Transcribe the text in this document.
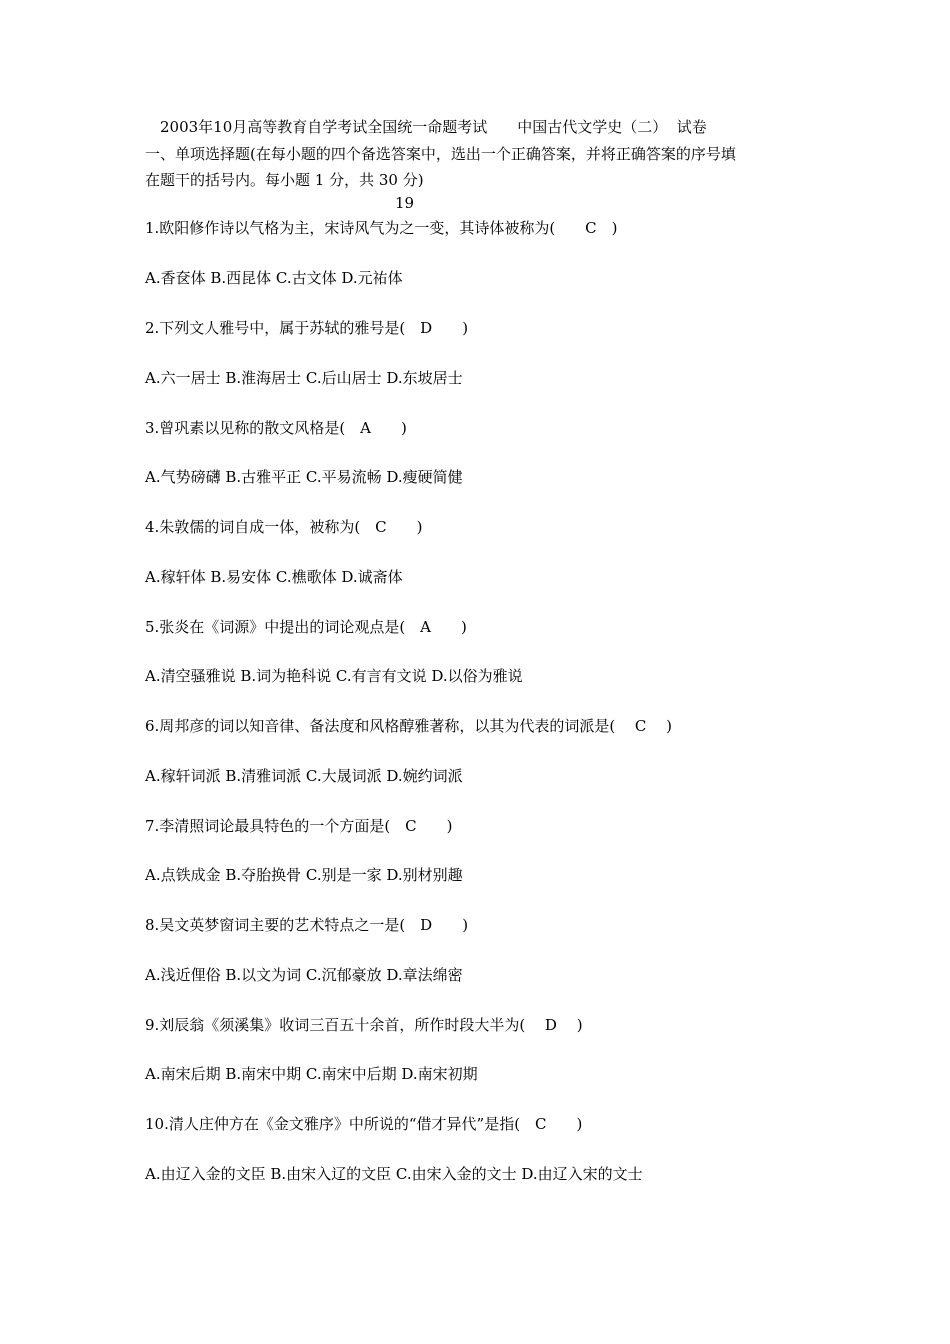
2003年10月高等教育自学考试全国统一命题考试　　中国古代文学史（二）  试卷
一、单项选择题(在每小题的四个备选答案中，选出一个正确答案，并将正确答案的序号填
在题干的括号内。每小题 1 分，共 30 分)
19
1.欧阳修作诗以气格为主，宋诗风气为之一变，其诗体被称为(　　C　)
A.香奁体 B.西昆体 C.古文体 D.元祐体
2.下列文人雅号中，属于苏轼的雅号是(　D　　)
A.六一居士 B.淮海居士 C.后山居士 D.东坡居士
3.曾巩素以见称的散文风格是(　A　　)
A.气势磅礴 B.古雅平正 C.平易流畅 D.瘦硬简健
4.朱敦儒的词自成一体，被称为(　C　　)
A.稼轩体 B.易安体 C.樵歌体 D.诚斋体
5.张炎在《词源》中提出的词论观点是(　A　　)
A.清空骚雅说 B.词为艳科说 C.有言有文说 D.以俗为雅说
6.周邦彦的词以知音律、备法度和风格醇雅著称，以其为代表的词派是(　 C　 )
A.稼轩词派 B.清雅词派 C.大晟词派 D.婉约词派
7.李清照词论最具特色的一个方面是(　C　　)
A.点铁成金 B.夺胎换骨 C.别是一家 D.别材别趣
8.吴文英梦窗词主要的艺术特点之一是(　D　　)
A.浅近俚俗 B.以文为词 C.沉郁豪放 D.章法绵密
9.刘辰翁《须溪集》收词三百五十余首，所作时段大半为(　 D　 )
A.南宋后期 B.南宋中期 C.南宋中后期 D.南宋初期
10.清人庄仲方在《金文雅序》中所说的“借才异代”是指(　C　　)
A.由辽入金的文臣 B.由宋入辽的文臣 C.由宋入金的文士 D.由辽入宋的文士
